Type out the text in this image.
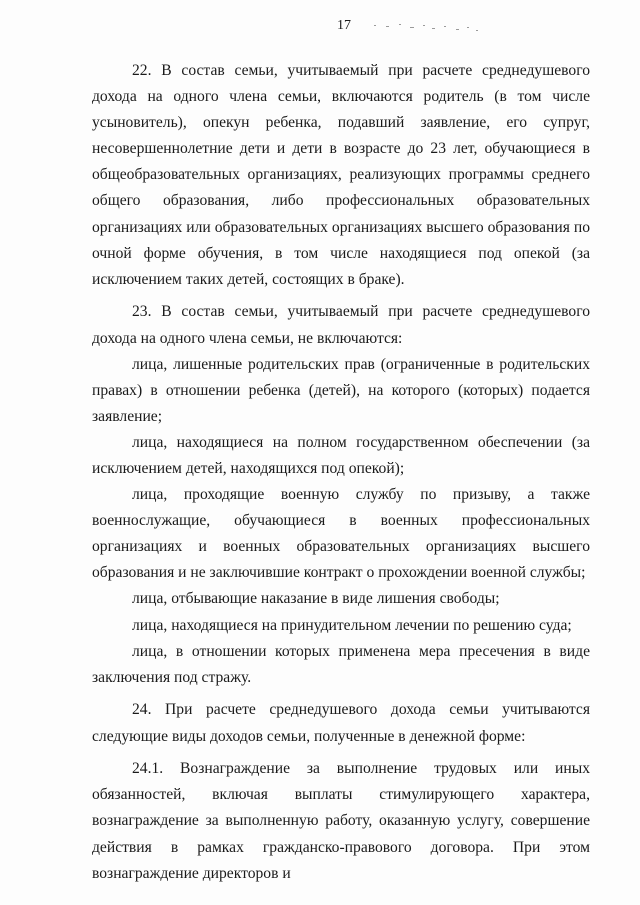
17

22. В состав семьи, учитываемый при расчете среднедушевого дохода на одного члена семьи, включаются родитель (в том числе усыновитель), опекун ребенка, подавший заявление, его супруг, несовершеннолетние дети и дети в возрасте до 23 лет, обучающиеся в общеобразовательных организациях, реализующих программы среднего общего образования, либо профессиональных образовательных организациях или образовательных организациях высшего образования по очной форме обучения, в том числе находящиеся под опекой (за исключением таких детей, состоящих в браке).

23. В состав семьи, учитываемый при расчете среднедушевого дохода на одного члена семьи, не включаются:

лица, лишенные родительских прав (ограниченные в родительских правах) в отношении ребенка (детей), на которого (которых) подается заявление;

лица, находящиеся на полном государственном обеспечении (за исключением детей, находящихся под опекой);

лица, проходящие военную службу по призыву, а также военнослужащие, обучающиеся в военных профессиональных организациях и военных образовательных организациях высшего образования и не заключившие контракт о прохождении военной службы;

лица, отбывающие наказание в виде лишения свободы;

лица, находящиеся на принудительном лечении по решению суда;

лица, в отношении которых применена мера пресечения в виде заключения под стражу.

24. При расчете среднедушевого дохода семьи учитываются следующие виды доходов семьи, полученные в денежной форме:

24.1. Вознаграждение за выполнение трудовых или иных обязанностей, включая выплаты стимулирующего характера, вознаграждение за выполненную работу, оказанную услугу, совершение действия в рамках гражданско-правового договора. При этом вознаграждение директоров и
